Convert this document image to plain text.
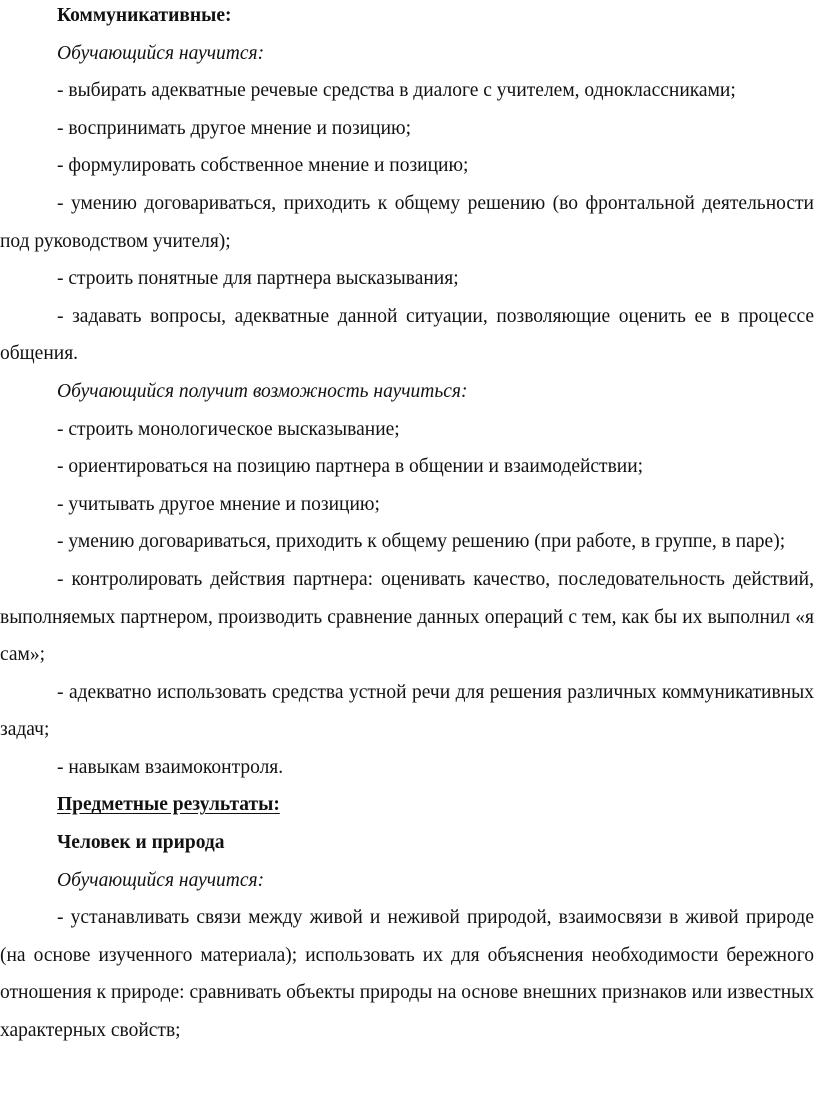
Коммуникативные:

Обучающийся научится:

- выбирать адекватные речевые средства в диалоге с учителем, одноклассниками;

- воспринимать другое мнение и позицию;

- формулировать собственное мнение и позицию;

- умению договариваться, приходить к общему решению (во фронтальной деятельности под руководством учителя);

- строить понятные для партнера высказывания;

- задавать вопросы, адекватные данной ситуации, позволяющие оценить ее в процессе общения.

Обучающийся получит возможность научиться:

- строить монологическое высказывание;

- ориентироваться на позицию партнера в общении и взаимодействии;

- учитывать другое мнение и позицию;

- умению договариваться, приходить к общему решению (при работе, в группе, в паре);

- контролировать действия партнера: оценивать качество, последовательность действий, выполняемых партнером, производить сравнение данных операций с тем, как бы их выполнил «я сам»;

- адекватно использовать средства устной речи для решения различных коммуникативных задач;

- навыкам взаимоконтроля.

Предметные результаты:

Человек и природа

Обучающийся научится:

- устанавливать связи между живой и неживой природой, взаимосвязи в живой природе (на основе изученного материала); использовать их для объяснения необходимости бережного отношения к природе: сравнивать объекты природы на основе внешних признаков или известных характерных свойств;
